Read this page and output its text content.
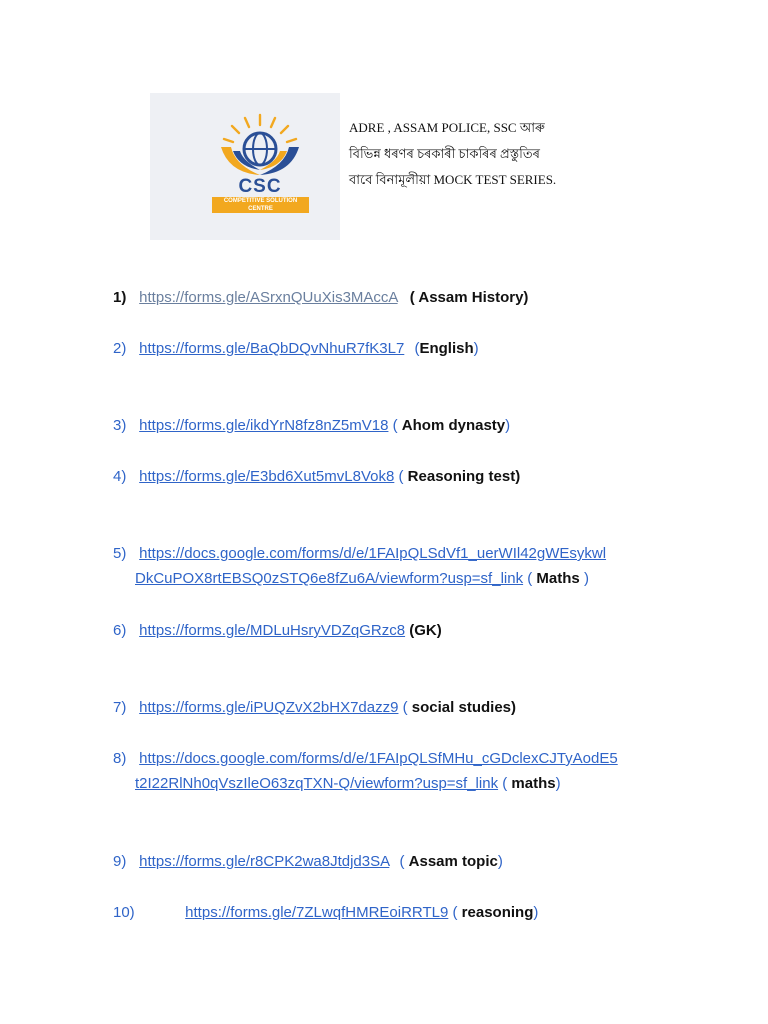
CSC
COMPETITIVE SOLUTION CENTRE
ADRE , ASSAM POLICE, SSC আৰু
বিভিন্ন ধৰণৰ চৰকাৰী চাকৰিৰ প্ৰস্তুতিৰ
বাবে বিনামূলীয়া MOCK TEST SERIES.
1) https://forms.gle/ASrxnQUuXis3MAccA ( Assam History)
2) https://forms.gle/BaQbDQvNhuR7fK3L7 (English)
3) https://forms.gle/ikdYrN8fz8nZ5mV18 ( Ahom dynasty)
4) https://forms.gle/E3bd6Xut5mvL8Vok8 ( Reasoning test)
5) https://docs.google.com/forms/d/e/1FAIpQLSdVf1_uerWIl42gWEsykwl
DkCuPOX8rtEBSQ0zSTQ6e8fZu6A/viewform?usp=sf_link ( Maths )
6) https://forms.gle/MDLuHsryVDZqGRzc8 (GK)
7) https://forms.gle/iPUQZvX2bHX7dazz9 ( social studies)
8) https://docs.google.com/forms/d/e/1FAIpQLSfMHu_cGDclexCJTyAodE5
t2I22RlNh0qVszIleO63zqTXN-Q/viewform?usp=sf_link ( maths)
9) https://forms.gle/r8CPK2wa8Jtdjd3SA ( Assam topic)
10)	https://forms.gle/7ZLwqfHMREoiRRTL9 ( reasoning)
